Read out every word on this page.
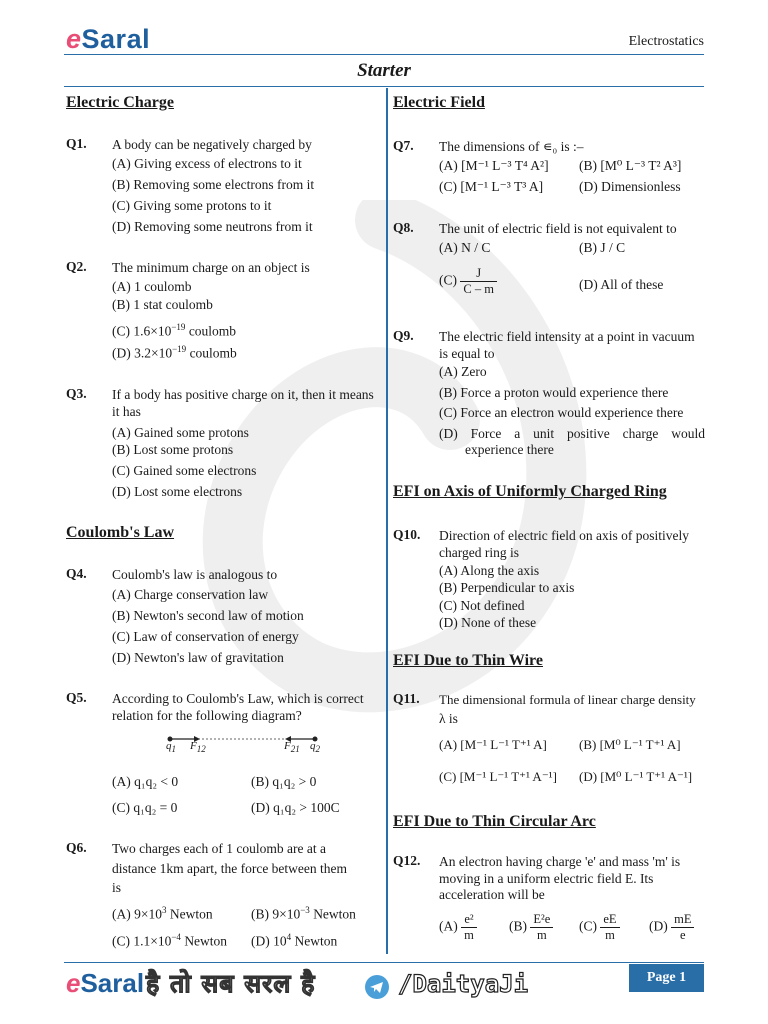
eSaral	Electrostatics
Starter
Electric Charge
Q1. A body can be negatively charged by
(A) Giving excess of electrons to it
(B) Removing some electrons from it
(C) Giving some protons to it
(D) Removing some neutrons from it
Q2. The minimum charge on an object is
(A) 1 coulomb
(B) 1 stat coulomb
(C) $1.6\times 10^{-19}$ coulomb
(D) $3.2\times 10^{-19}$ coulomb
Q3. If a body has positive charge on it, then it means
it has
(A) Gained some protons
(B) Lost some protons
(C) Gained some electrons
(D) Lost some electrons
Coulomb's Law
Q4. Coulomb's law is analogous to
(A) Charge conservation law
(B) Newton's second law of motion
(C) Law of conservation of energy
(D) Newton's law of gravitation
Q5. According to Coulomb's Law, which is correct
relation for the following diagram?
$q_1$ $F_{12}$	$F_{21}$ $q_2$
(A) q₁q₂ < 0	(B) q₁q₂ > 0
(C) q₁q₂ = 0	(D) q₁q₂ > 100C
Q6. Two charges each of 1 coulomb are at a
distance 1km apart, the force between them
is
(A) $9\times 10^3$ Newton	(B) $9\times 10^{-3}$ Newton
(C) $1.1\times 10^{-4}$ Newton (D) $10^4$ Newton
Electric Field
Q7. The dimensions of ∊₀ is :–
(A) [M⁻¹ L⁻³ T⁴ A²] (B) [M⁰ L⁻³ T² A³]
(C) [M⁻¹ L⁻³ T³ A]	(D) Dimensionless
Q8. The unit of electric field is not equivalent to
(A) N / C	(B) J / C
$(C) \frac{J}{C - m}$	(D) All of these
Q9. The electric field intensity at a point in vacuum
is equal to
(A) Zero
(B) Force a proton would experience there
(C) Force an electron would experience there
(D) Force a unit positive charge would
experience there
EFI on Axis of Uniformly Charged Ring
Q10. Direction of electric field on axis of positively
charged ring is
(A) Along the axis
(B) Perpendicular to axis
(C) Not defined
(D) None of these
EFI Due to Thin Wire
Q11. The dimensional formula of linear charge density
λ is
(A) [M⁻¹ L⁻¹ T⁺¹ A] (B) [M⁰ L⁻¹ T⁺¹ A]
(C) [M⁻¹ L⁻¹ T⁺¹ A⁻¹] (D) [M⁰ L⁻¹ T⁺¹ A⁻¹]
EFI Due to Thin Circular Arc
Q12. An electron having charge 'e' and mass 'm' is
moving in a uniform electric field E. Its
acceleration will be
$(A) \frac{\text{e²}}{m} (B) \frac{\text{E²e}}{m} (C) \frac{eE}{m} (D) \frac{mE}{e}$
eSaral है तो सब सरल है	/DaityaJi	Page 1
